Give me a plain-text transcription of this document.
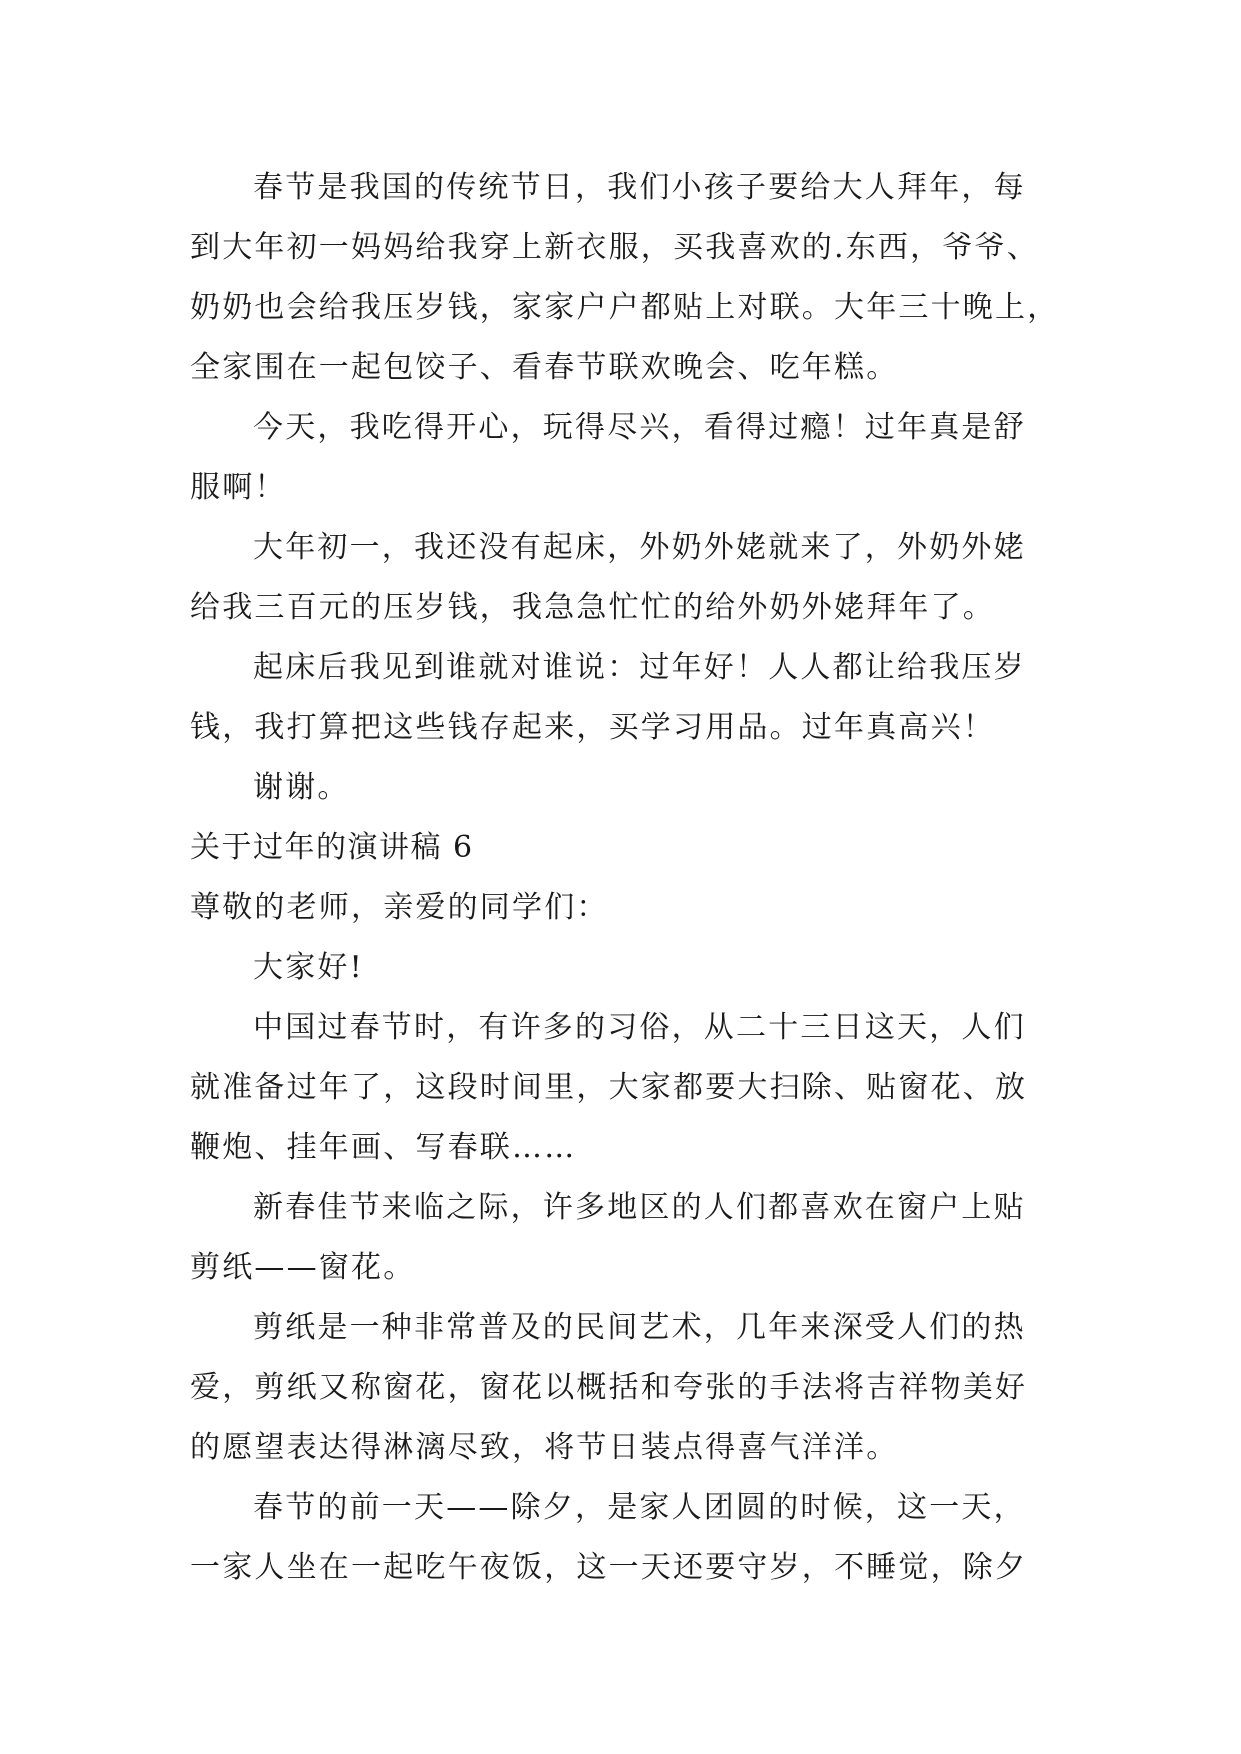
春节是我国的传统节日，我们小孩子要给大人拜年，每
到大年初一妈妈给我穿上新衣服，买我喜欢的.东西，爷爷、
奶奶也会给我压岁钱，家家户户都贴上对联。大年三十晚上，
全家围在一起包饺子、看春节联欢晚会、吃年糕。
今天，我吃得开心，玩得尽兴，看得过瘾！过年真是舒
服啊！
大年初一，我还没有起床，外奶外姥就来了，外奶外姥
给我三百元的压岁钱，我急急忙忙的给外奶外姥拜年了。
起床后我见到谁就对谁说：过年好！人人都让给我压岁
钱，我打算把这些钱存起来，买学习用品。过年真高兴！
谢谢。
关于过年的演讲稿 6
尊敬的老师，亲爱的同学们：
大家好!
中国过春节时，有许多的习俗，从二十三日这天，人们
就准备过年了，这段时间里，大家都要大扫除、贴窗花、放
鞭炮、挂年画、写春联……
新春佳节来临之际，许多地区的人们都喜欢在窗户上贴
剪纸——窗花。
剪纸是一种非常普及的民间艺术，几年来深受人们的热
爱，剪纸又称窗花，窗花以概括和夸张的手法将吉祥物美好
的愿望表达得淋漓尽致，将节日装点得喜气洋洋。
春节的前一天——除夕，是家人团圆的时候，这一天，
一家人坐在一起吃午夜饭，这一天还要守岁，不睡觉，除夕
